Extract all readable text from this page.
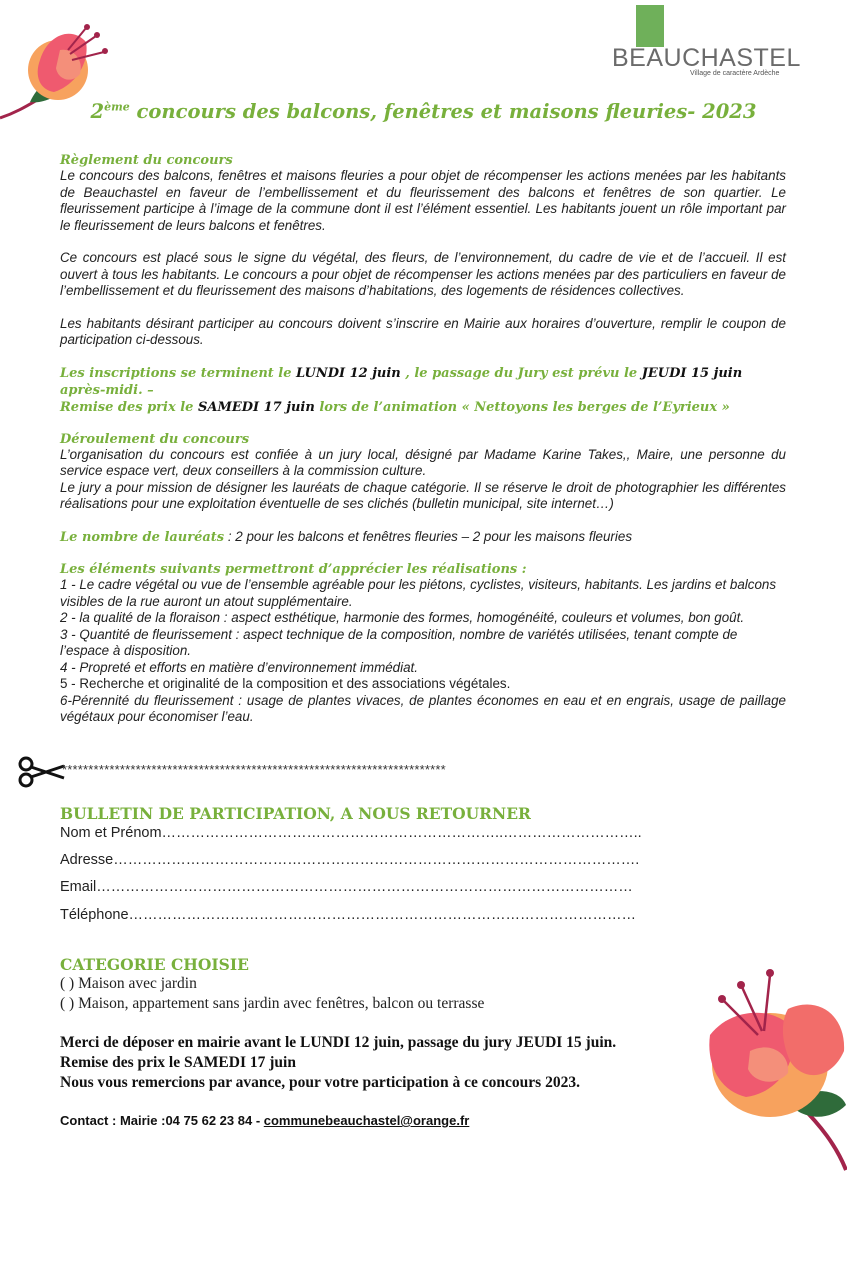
BEAUCHASTEL
Village de caractère Ardèche
2ème concours des balcons, fenêtres et maisons fleuries- 2023

Règlement du concours

Le concours des balcons, fenêtres et maisons fleuries a pour objet de récompenser les actions menées par les habitants de Beauchastel en faveur de l’embellissement et du fleurissement des balcons et fenêtres de son quartier. Le fleurissement participe à l’image de la commune dont il est l’élément essentiel. Les habitants jouent un rôle important par le fleurissement de leurs balcons et fenêtres.

Ce concours est placé sous le signe du végétal, des fleurs, de l’environnement, du cadre de vie et de l’accueil. Il est ouvert à tous les habitants. Le concours a pour objet de récompenser les actions menées par des particuliers en faveur de l’embellissement et du fleurissement des maisons d’habitations, des logements de résidences collectives.

Les habitants désirant participer au concours doivent s’inscrire en Mairie aux horaires d’ouverture, remplir le coupon de participation ci-dessous.

Les inscriptions se terminent le LUNDI 12 juin , le passage du Jury est prévu le JEUDI 15 juin après-midi. –
Remise des prix le SAMEDI 17 juin lors de l’animation « Nettoyons les berges de l’Eyrieux »

Déroulement du concours

L’organisation du concours est confiée à un jury local, désigné par Madame Karine Takes,, Maire, une personne du service espace vert, deux conseillers à la commission culture.

Le jury a pour mission de désigner les lauréats de chaque catégorie. Il se réserve le droit de photographier les différentes réalisations pour une exploitation éventuelle de ses clichés (bulletin municipal, site internet…)

Le nombre de lauréats : 2 pour les balcons et fenêtres fleuries – 2 pour les maisons fleuries

Les éléments suivants permettront d’apprécier les réalisations :

1 - Le cadre végétal ou vue de l’ensemble agréable pour les piétons, cyclistes, visiteurs, habitants. Les jardins et balcons visibles de la rue auront un atout supplémentaire.

2 - la qualité de la floraison : aspect esthétique, harmonie des formes, homogénéité, couleurs et volumes, bon goût.

3 - Quantité de fleurissement : aspect technique de la composition, nombre de variétés utilisées, tenant compte de l’espace à disposition.

4 - Propreté et efforts en matière d’environnement immédiat.

5 - Recherche et originalité de la composition et des associations végétales.

6-Pérennité du fleurissement : usage de plantes vivaces, de plantes économes en eau et en engrais, usage de paillage végétaux pour économiser l’eau.

*************************************************************************
BULLETIN DE PARTICIPATION, A NOUS RETOURNER
Nom et Prénom……………………………………………………………..………………………..
Adresse……………………………………………………………………………………………….
Email…………………………………………………………………………………………………
Téléphone……………………………………………………………………………………………
CATEGORIE CHOISIE
( ) Maison avec jardin
( ) Maison, appartement sans jardin avec fenêtres, balcon ou terrasse
Merci de déposer en mairie avant le LUNDI 12 juin, passage du jury JEUDI 15 juin.
Remise des prix le SAMEDI 17 juin
Nous vous remercions par avance, pour votre participation à ce concours 2023.
Contact : Mairie :04 75 62 23 84 - communebeauchastel@orange.fr
